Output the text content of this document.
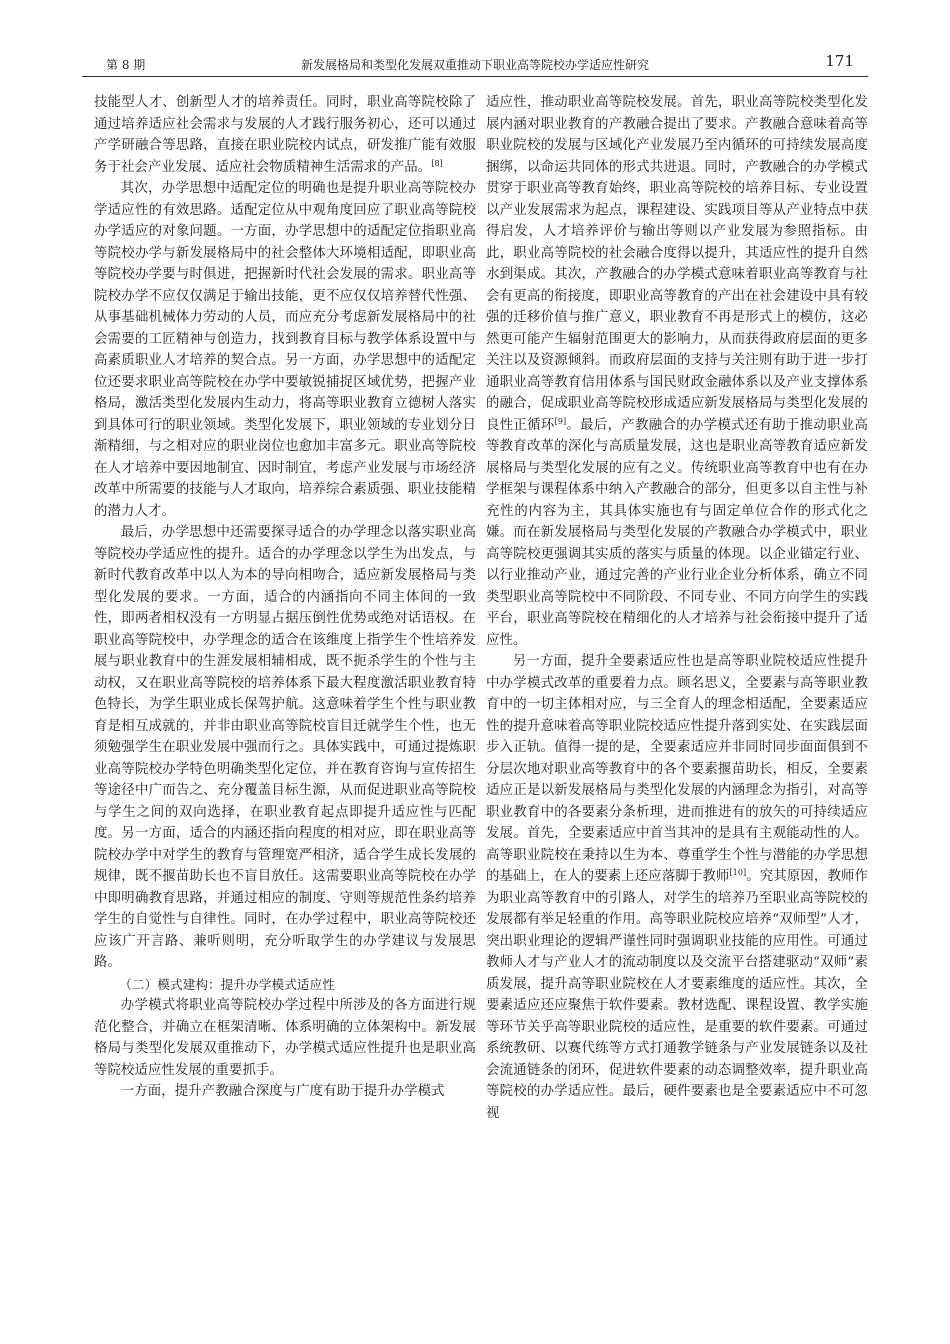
第 8 期	新发展格局和类型化发展双重推动下职业高等院校办学适应性研究	171

技能型人才、创新型人才的培养责任。同时，职业高等院校除了通过培养适应社会需求与发展的人才践行服务初心，还可以通过产学研融合等思路，直接在职业院校内试点，研发推广能有效服务于社会产业发展、适应社会物质精神生活需求的产品。[8]

其次，办学思想中适配定位的明确也是提升职业高等院校办学适应性的有效思路。适配定位从中观角度回应了职业高等院校办学适应的对象问题。一方面，办学思想中的适配定位指职业高等院校办学与新发展格局中的社会整体大环境相适配，即职业高等院校办学要与时俱进，把握新时代社会发展的需求。职业高等院校办学不应仅仅满足于输出技能，更不应仅仅培养替代性强、从事基础机械体力劳动的人员，而应充分考虑新发展格局中的社会需要的工匠精神与创造力，找到教育目标与教学体系设置中与高素质职业人才培养的契合点。另一方面，办学思想中的适配定位还要求职业高等院校在办学中要敏锐捕捉区域优势，把握产业格局，激活类型化发展内生动力，将高等职业教育立德树人落实到具体可行的职业领域。类型化发展下，职业领域的专业划分日渐精细，与之相对应的职业岗位也愈加丰富多元。职业高等院校在人才培养中要因地制宜、因时制宜，考虑产业发展与市场经济改革中所需要的技能与人才取向，培养综合素质强、职业技能精的潜力人才。

最后，办学思想中还需要探寻适合的办学理念以落实职业高等院校办学适应性的提升。适合的办学理念以学生为出发点，与新时代教育改革中以人为本的导向相吻合，适应新发展格局与类型化发展的要求。一方面，适合的内涵指向不同主体间的一致性，即两者相权没有一方明显占据压倒性优势或绝对话语权。在职业高等院校中，办学理念的适合在该维度上指学生个性培养发展与职业教育中的生涯发展相辅相成，既不扼杀学生的个性与主动权，又在职业高等院校的培养体系下最大程度激活职业教育特色特长，为学生职业成长保驾护航。这意味着学生个性与职业教育是相互成就的，并非由职业高等院校盲目迁就学生个性，也无须勉强学生在职业发展中强而行之。具体实践中，可通过提炼职业高等院校办学特色明确类型化定位，并在教育咨询与宣传招生等途径中广而告之、充分覆盖目标生源，从而促进职业高等院校与学生之间的双向选择，在职业教育起点即提升适应性与匹配度。另一方面，适合的内涵还指向程度的相对应，即在职业高等院校办学中对学生的教育与管理宽严相济，适合学生成长发展的规律，既不揠苗助长也不盲目放任。这需要职业高等院校在办学中即明确教育思路，并通过相应的制度、守则等规范性条约培养学生的自觉性与自律性。同时，在办学过程中，职业高等院校还应该广开言路、兼听则明，充分听取学生的办学建议与发展思路。

（二）模式建构：提升办学模式适应性

办学模式将职业高等院校办学过程中所涉及的各方面进行规范化整合，并确立在框架清晰、体系明确的立体架构中。新发展格局与类型化发展双重推动下，办学模式适应性提升也是职业高等院校适应性发展的重要抓手。

一方面，提升产教融合深度与广度有助于提升办学模式

适应性，推动职业高等院校发展。首先，职业高等院校类型化发展内涵对职业教育的产教融合提出了要求。产教融合意味着高等职业院校的发展与区域化产业发展乃至内循环的可持续发展高度捆绑，以命运共同体的形式共进退。同时，产教融合的办学模式贯穿于职业高等教育始终，职业高等院校的培养目标、专业设置以产业发展需求为起点，课程建设、实践项目等从产业特点中获得启发，人才培养评价与输出等则以产业发展为参照指标。由此，职业高等院校的社会融合度得以提升，其适应性的提升自然水到渠成。其次，产教融合的办学模式意味着职业高等教育与社会有更高的衔接度，即职业高等教育的产出在社会建设中具有较强的迁移价值与推广意义，职业教育不再是形式上的模仿，这必然更可能产生辐射范围更大的影响力，从而获得政府层面的更多关注以及资源倾斜。而政府层面的支持与关注则有助于进一步打通职业高等教育信用体系与国民财政金融体系以及产业支撑体系的融合，促成职业高等院校形成适应新发展格局与类型化发展的良性正循环[9]。最后，产教融合的办学模式还有助于推动职业高等教育改革的深化与高质量发展，这也是职业高等教育适应新发展格局与类型化发展的应有之义。传统职业高等教育中也有在办学框架与课程体系中纳入产教融合的部分，但更多以自主性与补充性的内容为主，其具体实施也有与固定单位合作的形式化之嫌。而在新发展格局与类型化发展的产教融合办学模式中，职业高等院校更强调其实质的落实与质量的体现。以企业锚定行业、以行业推动产业，通过完善的产业行业企业分析体系，确立不同类型职业高等院校中不同阶段、不同专业、不同方向学生的实践平台，职业高等院校在精细化的人才培养与社会衔接中提升了适应性。

另一方面，提升全要素适应性也是高等职业院校适应性提升中办学模式改革的重要着力点。顾名思义，全要素与高等职业教育中的一切主体相对应，与三全育人的理念相适配，全要素适应性的提升意味着高等职业院校适应性提升落到实处、在实践层面步入正轨。值得一提的是，全要素适应并非同时同步面面俱到不分层次地对职业高等教育中的各个要素揠苗助长，相反，全要素适应正是以新发展格局与类型化发展的内涵理念为指引，对高等职业教育中的各要素分条析理，进而推进有的放矢的可持续适应发展。首先，全要素适应中首当其冲的是具有主观能动性的人。高等职业院校在秉持以生为本、尊重学生个性与潜能的办学思想的基础上，在人的要素上还应落脚于教师[10]。究其原因，教师作为职业高等教育中的引路人，对学生的培养乃至职业高等院校的发展都有举足轻重的作用。高等职业院校应培养“双师型”人才，突出职业理论的逻辑严谨性同时强调职业技能的应用性。可通过教师人才与产业人才的流动制度以及交流平台搭建驱动“双师”素质发展，提升高等职业院校在人才要素维度的适应性。其次，全要素适应还应聚焦于软件要素。教材选配、课程设置、教学实施等环节关乎高等职业院校的适应性，是重要的软件要素。可通过系统教研、以赛代练等方式打通教学链条与产业发展链条以及社会流通链条的闭环，促进软件要素的动态调整效率，提升职业高等院校的办学适应性。最后，硬件要素也是全要素适应中不可忽视
